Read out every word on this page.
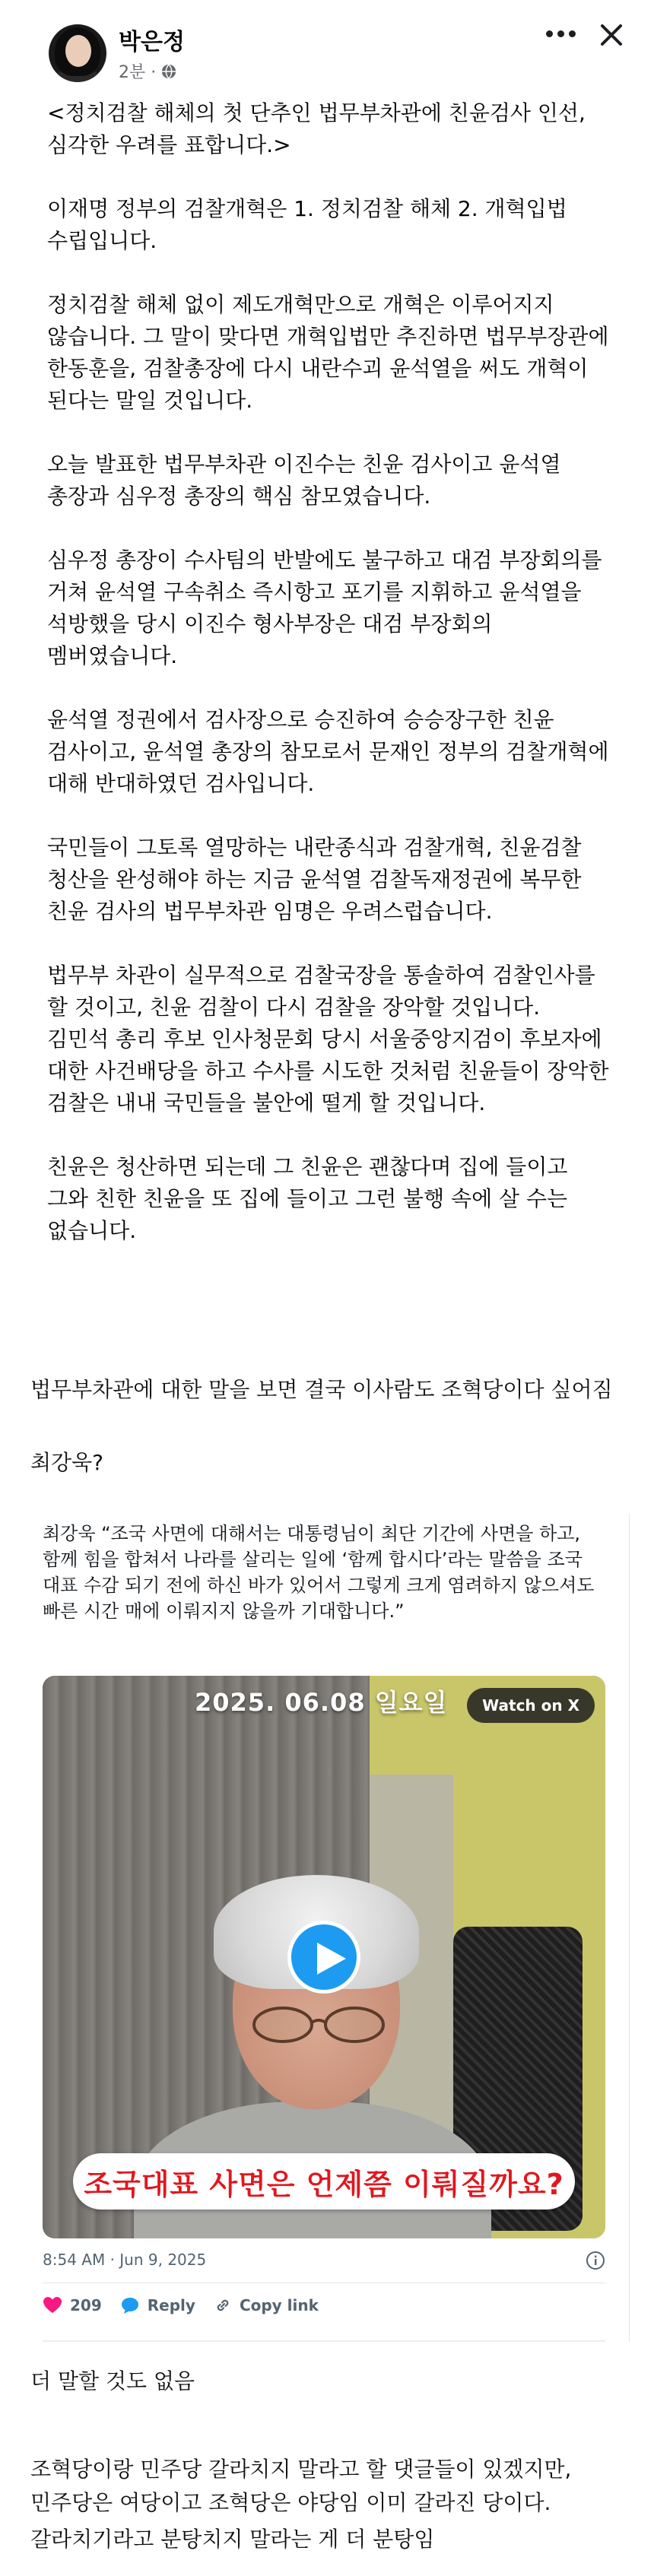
박은정
2분 ·

<정치검찰 해체의 첫 단추인 법무부차관에 친윤검사 인선, 심각한 우려를 표합니다.>

이재명 정부의 검찰개혁은 1. 정치검찰 해체 2. 개혁입법 수립입니다.

정치검찰 해체 없이 제도개혁만으로 개혁은 이루어지지 않습니다. 그 말이 맞다면 개혁입법만 추진하면 법무부장관에 한동훈을, 검찰총장에 다시 내란수괴 윤석열을 써도 개혁이 된다는 말일 것입니다.

오늘 발표한 법무부차관 이진수는 친윤 검사이고 윤석열 총장과 심우정 총장의 핵심 참모였습니다.

심우정 총장이 수사팀의 반발에도 불구하고 대검 부장회의를 거쳐 윤석열 구속취소 즉시항고 포기를 지휘하고 윤석열을 석방했을 당시 이진수 형사부장은 대검 부장회의 멤버였습니다.

윤석열 정권에서 검사장으로 승진하여 승승장구한 친윤 검사이고, 윤석열 총장의 참모로서 문재인 정부의 검찰개혁에 대해 반대하였던 검사입니다.

국민들이 그토록 열망하는 내란종식과 검찰개혁, 친윤검찰 청산을 완성해야 하는 지금 윤석열 검찰독재정권에 복무한 친윤 검사의 법무부차관 임명은 우려스럽습니다.

법무부 차관이 실무적으로 검찰국장을 통솔하여 검찰인사를 할 것이고, 친윤 검찰이 다시 검찰을 장악할 것입니다.

김민석 총리 후보 인사청문회 당시 서울중앙지검이 후보자에 대한 사건배당을 하고 수사를 시도한 것처럼 친윤들이 장악한 검찰은 내내 국민들을 불안에 떨게 할 것입니다.

친윤은 청산하면 되는데 그 친윤은 괜찮다며 집에 들이고 그와 친한 친윤을 또 집에 들이고 그런 불행 속에 살 수는 없습니다.

법무부차관에 대한 말을 보면 결국 이사람도 조혁당이다 싶어짐
최강욱?
최강욱 “조국 사면에 대해서는 대통령님이 최단 기간에 사면을 하고, 함께 힘을 합쳐서 나라를 살리는 일에 ‘함께 합시다’라는 말씀을 조국 대표 수감 되기 전에 하신 바가 있어서 그렇게 크게 염려하지 않으셔도 빠른 시간 매에 이뤄지지 않을까 기대합니다.”
2025. 06.08 일요일	Watch on X
조국대표 사면은 언제쯤 이뤄질까요?
8:54 AM · Jun 9, 2025
209	Reply	Copy link
더 말할 것도 없음
조혁당이랑 민주당 갈라치지 말라고 할 댓글들이 있겠지만, 민주당은 여당이고 조혁당은 야당임 이미 갈라진 당이다.
갈라치기라고 분탕치지 말라는 게 더 분탕임
